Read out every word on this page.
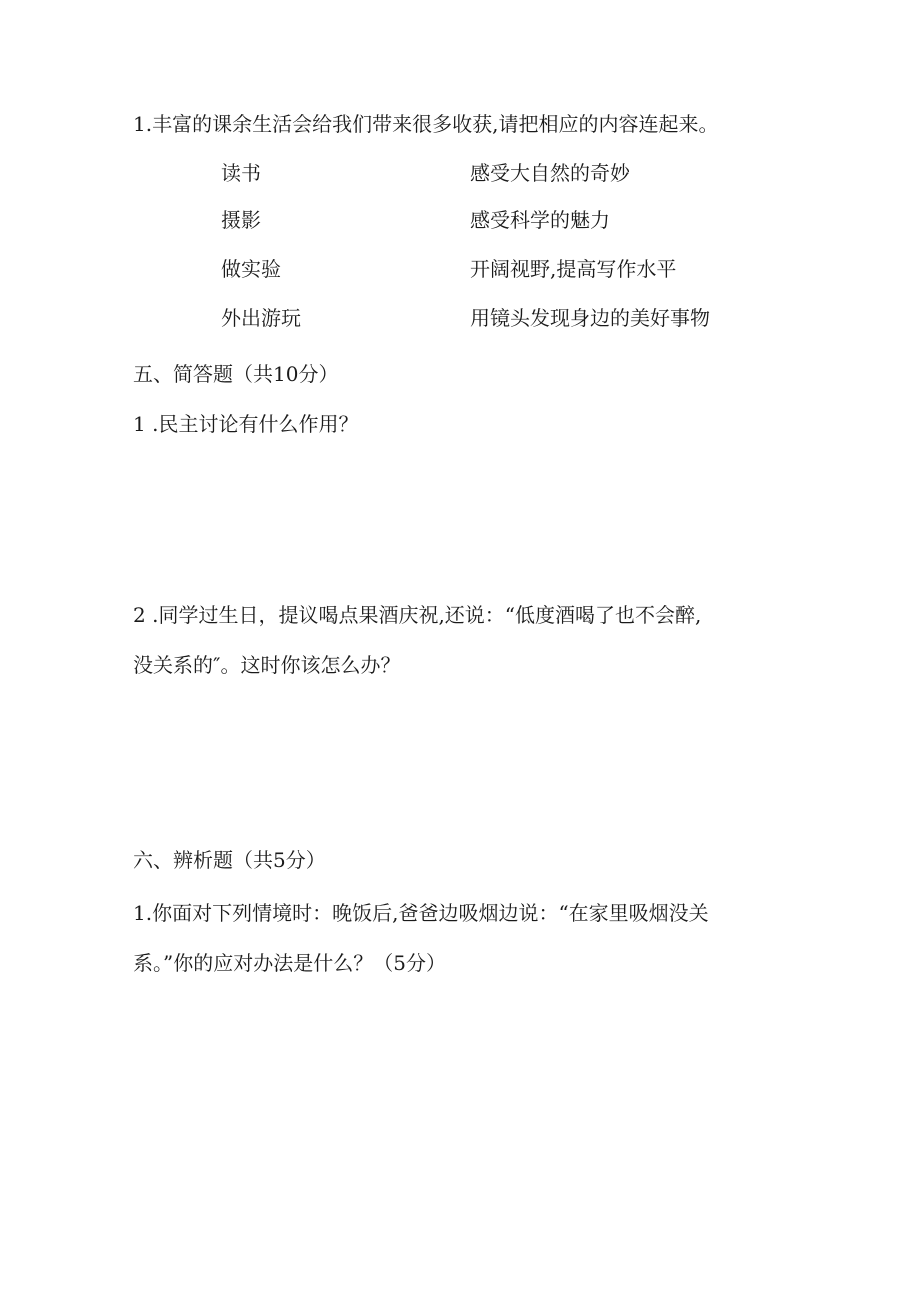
1.丰富的课余生活会给我们带来很多收获,请把相应的内容连起来。
读书	感受大自然的奇妙
摄影	感受科学的魅力
做实验	开阔视野,提高写作水平
外出游玩	用镜头发现身边的美好事物
五、简答题（共10分）
1 .民主讨论有什么作用？
2 .同学过生日，提议喝点果酒庆祝,还说：“低度酒喝了也不会醉,
没关系的″。这时你该怎么办？
六、辨析题（共5分）
1.你面对下列情境时：晚饭后,爸爸边吸烟边说：“在家里吸烟没关
系。”你的应对办法是什么？（5分）
